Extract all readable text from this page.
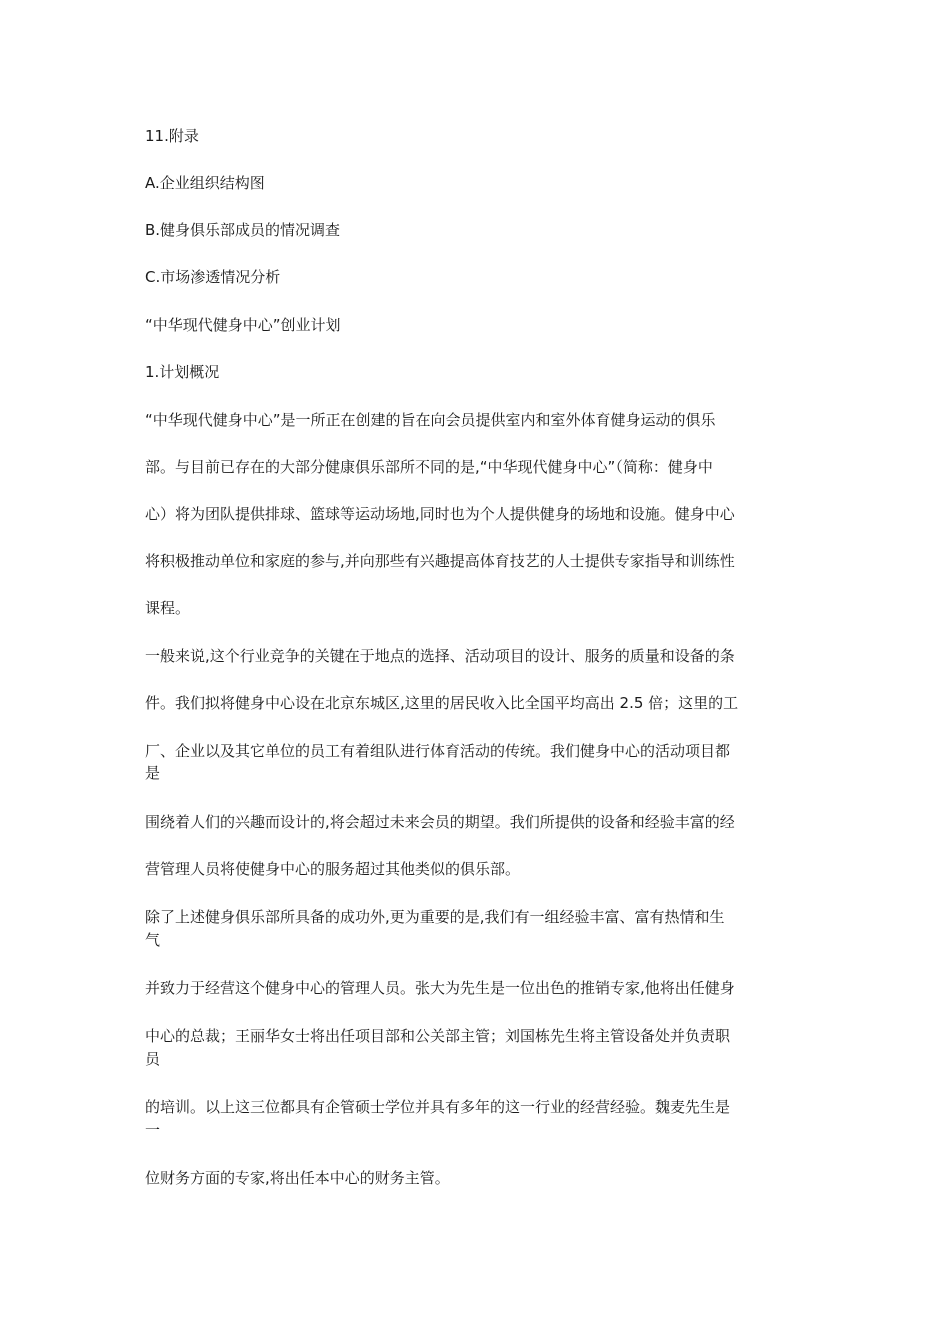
11.附录
A.企业组织结构图
B.健身俱乐部成员的情况调查
C.市场渗透情况分析
“中华现代健身中心”创业计划
1.计划概况
“中华现代健身中心”是一所正在创建的旨在向会员提供室内和室外体育健身运动的俱乐
部。与目前已存在的大部分健康俱乐部所不同的是,“中华现代健身中心”（简称：健身中
心）将为团队提供排球、篮球等运动场地,同时也为个人提供健身的场地和设施。健身中心
将积极推动单位和家庭的参与,并向那些有兴趣提高体育技艺的人士提供专家指导和训练性
课程。
一般来说,这个行业竞争的关键在于地点的选择、活动项目的设计、服务的质量和设备的条
件。我们拟将健身中心设在北京东城区,这里的居民收入比全国平均高出 2.5 倍；这里的工
厂、企业以及其它单位的员工有着组队进行体育活动的传统。我们健身中心的活动项目都
是
围绕着人们的兴趣而设计的,将会超过未来会员的期望。我们所提供的设备和经验丰富的经
营管理人员将使健身中心的服务超过其他类似的俱乐部。
除了上述健身俱乐部所具备的成功外,更为重要的是,我们有一组经验丰富、富有热情和生
气
并致力于经营这个健身中心的管理人员。张大为先生是一位出色的推销专家,他将出任健身
中心的总裁；王丽华女士将出任项目部和公关部主管；刘国栋先生将主管设备处并负责职
员
的培训。以上这三位都具有企管硕士学位并具有多年的这一行业的经营经验。魏麦先生是
一
位财务方面的专家,将出任本中心的财务主管。
